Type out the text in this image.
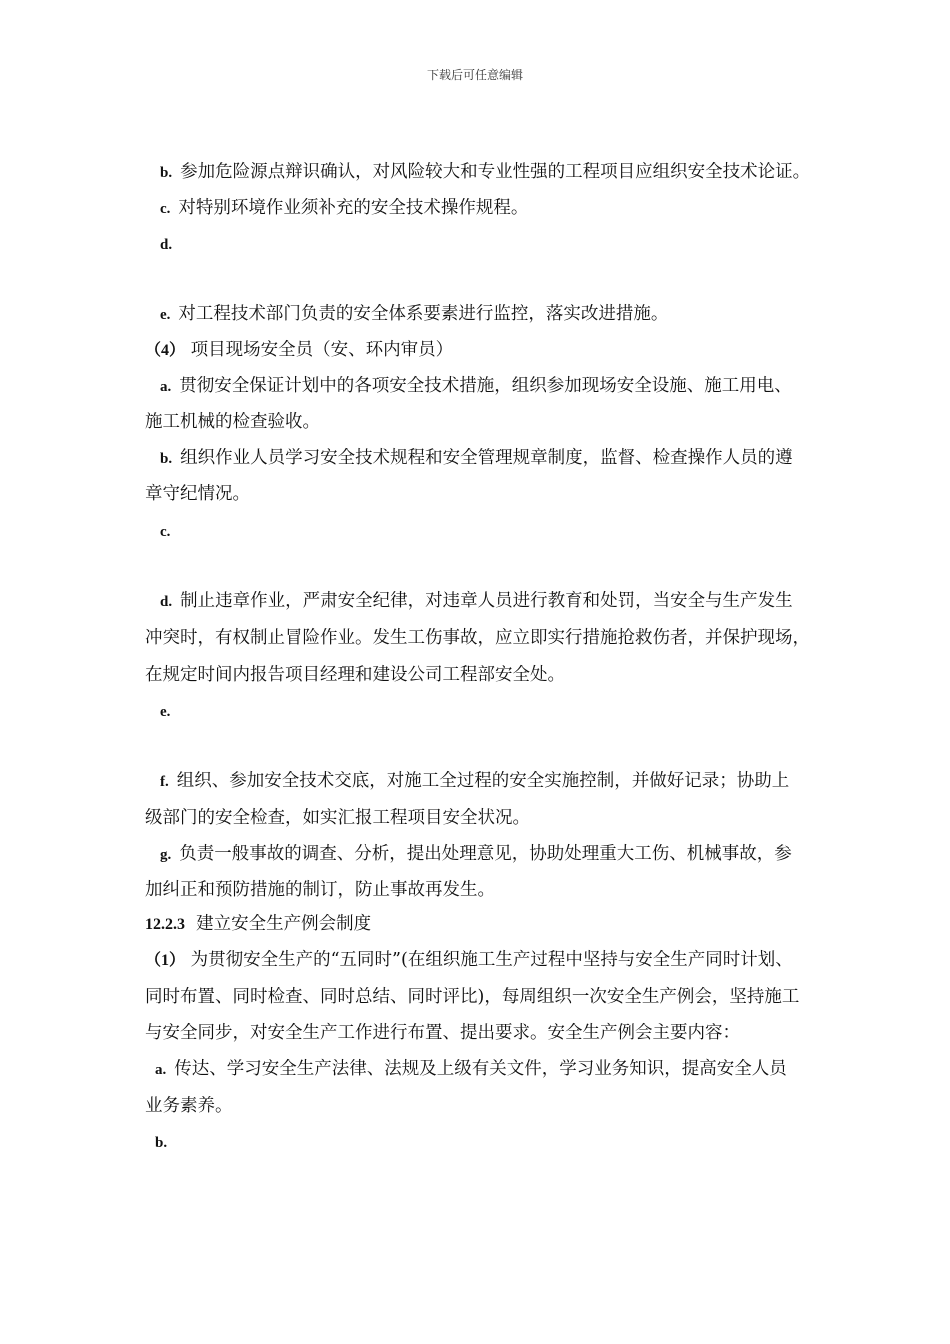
下载后可任意编辑
b. 参加危险源点辩识确认，对风险较大和专业性强的工程项目应组织安全技术论证。
c. 对特别环境作业须补充的安全技术操作规程。
d.
e. 对工程技术部门负责的安全体系要素进行监控，落实改进措施。
（4） 项目现场安全员（安、环内审员）
a. 贯彻安全保证计划中的各项安全技术措施，组织参加现场安全设施、施工用电、
施工机械的检查验收。
b. 组织作业人员学习安全技术规程和安全管理规章制度，监督、检查操作人员的遵
章守纪情况。
c.
d. 制止违章作业，严肃安全纪律，对违章人员进行教育和处罚，当安全与生产发生
冲突时，有权制止冒险作业。发生工伤事故，应立即实行措施抢救伤者，并保护现场，
在规定时间内报告项目经理和建设公司工程部安全处。
e.
f. 组织、参加安全技术交底，对施工全过程的安全实施控制，并做好记录；协助上
级部门的安全检查，如实汇报工程项目安全状况。
g. 负责一般事故的调查、分析，提出处理意见，协助处理重大工伤、机械事故，参
加纠正和预防措施的制订，防止事故再发生。
12.2.3 建立安全生产例会制度
（1） 为贯彻安全生产的“五同时”(在组织施工生产过程中坚持与安全生产同时计划、
同时布置、同时检查、同时总结、同时评比)，每周组织一次安全生产例会，坚持施工
与安全同步，对安全生产工作进行布置、提出要求。安全生产例会主要内容：
a. 传达、学习安全生产法律、法规及上级有关文件，学习业务知识，提高安全人员
业务素养。
b.
